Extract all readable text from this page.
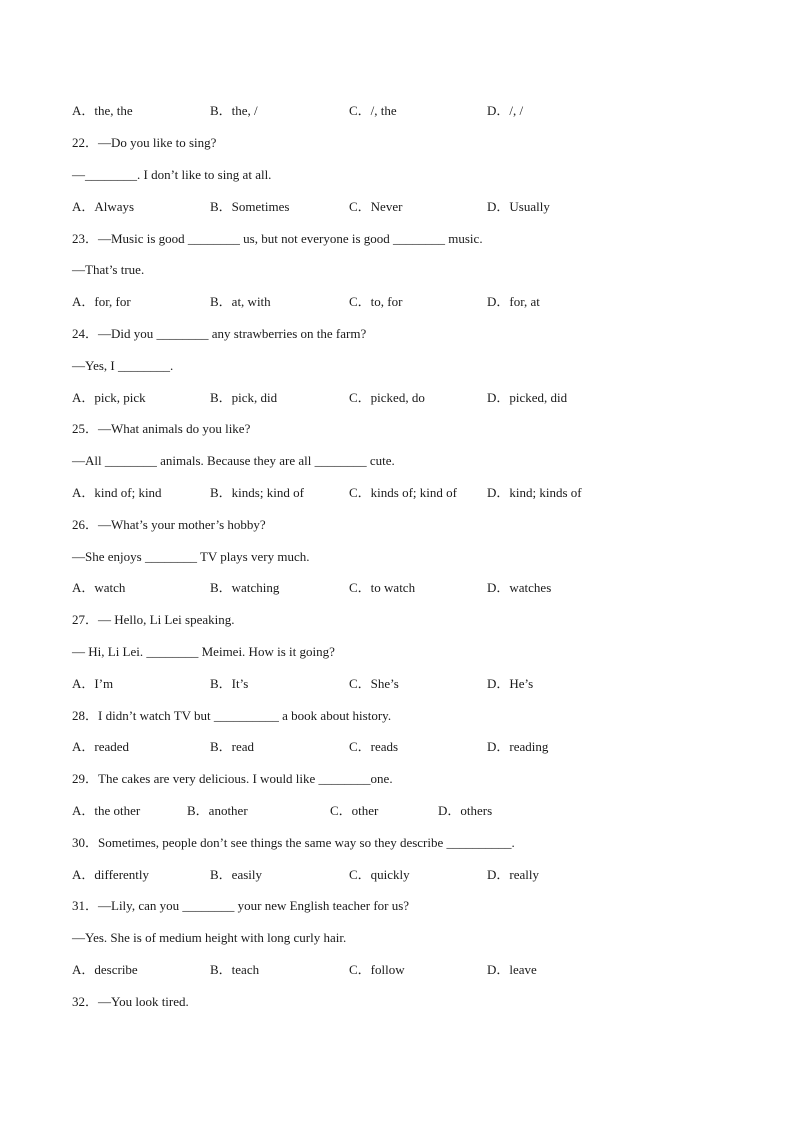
A．the, the	B．the, /	C．/, the	D．/, /
22．—Do you like to sing?
—________. I don’t like to sing at all.
A．Always	B．Sometimes	C．Never	D．Usually
23．—Music is good ________ us, but not everyone is good ________ music.
—That’s true.
A．for, for	B．at, with	C．to, for	D．for, at
24．—Did you ________ any strawberries on the farm?
—Yes, I ________.
A．pick, pick	B．pick, did	C．picked, do	D．picked, did
25．—What animals do you like?
—All ________ animals. Because they are all ________ cute.
A．kind of; kind	B．kinds; kind of	C．kinds of; kind of D．kind; kinds of
26．—What’s your mother’s hobby?
—She enjoys ________ TV plays very much.
A．watch	B．watching	C．to watch	D．watches
27．— Hello, Li Lei speaking.
— Hi, Li Lei. ________ Meimei. How is it going?
A．I’m	B．It’s	C．She’s	D．He’s
28．I didn’t watch TV but __________ a book about history.
A．readed	B．read	C．reads	D．reading
29．The cakes are very delicious. I would like ________one.
A．the other	B．another	C．other	D．others
30．Sometimes, people don’t see things the same way so they describe __________.
A．differently	B．easily	C．quickly	D．really
31．—Lily, can you ________ your new English teacher for us?
—Yes. She is of medium height with long curly hair.
A．describe	B．teach	C．follow	D．leave
32．—You look tired.
